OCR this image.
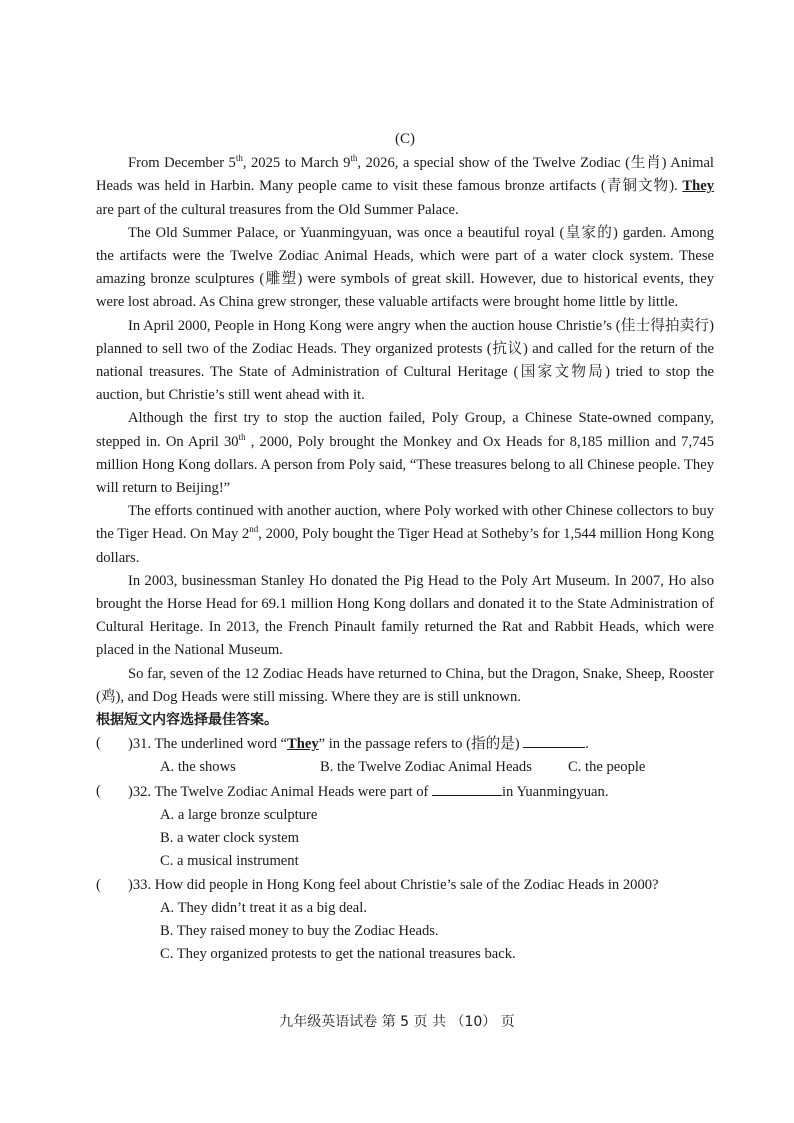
(C)

From December 5th, 2025 to March 9th, 2026, a special show of the Twelve Zodiac (生肖) Animal Heads was held in Harbin. Many people came to visit these famous bronze artifacts (青铜文物). They are part of the cultural treasures from the Old Summer Palace.

The Old Summer Palace, or Yuanmingyuan, was once a beautiful royal (皇家的) garden. Among the artifacts were the Twelve Zodiac Animal Heads, which were part of a water clock system. These amazing bronze sculptures (雕塑) were symbols of great skill. However, due to historical events, they were lost abroad. As China grew stronger, these valuable artifacts were brought home little by little.

In April 2000, People in Hong Kong were angry when the auction house Christie’s (佳士得拍卖行) planned to sell two of the Zodiac Heads. They organized protests (抗议) and called for the return of the national treasures. The State of Administration of Cultural Heritage (国家文物局) tried to stop the auction, but Christie’s still went ahead with it.

Although the first try to stop the auction failed, Poly Group, a Chinese State-owned company, stepped in. On April 30th , 2000, Poly brought the Monkey and Ox Heads for 8,185 million and 7,745 million Hong Kong dollars. A person from Poly said, “These treasures belong to all Chinese people. They will return to Beijing!”

The efforts continued with another auction, where Poly worked with other Chinese collectors to buy the Tiger Head. On May 2nd, 2000, Poly bought the Tiger Head at Sotheby’s for 1,544 million Hong Kong dollars.

In 2003, businessman Stanley Ho donated the Pig Head to the Poly Art Museum. In 2007, Ho also brought the Horse Head for 69.1 million Hong Kong dollars and donated it to the State Administration of Cultural Heritage. In 2013, the French Pinault family returned the Rat and Rabbit Heads, which were placed in the National Museum.

So far, seven of the 12 Zodiac Heads have returned to China, but the Dragon, Snake, Sheep, Rooster (鸡), and Dog Heads were still missing. Where they are is still unknown.

根据短文内容选择最佳答案。

( )31. The underlined word “They” in the passage refers to (指的是)	.

A. the shows	B. the Twelve Zodiac Animal Heads C. the people

( )32. The Twelve Zodiac Animal Heads were part of	in Yuanmingyuan.

A. a large bronze sculpture

B. a water clock system

C. a musical instrument

( )33. How did people in Hong Kong feel about Christie’s sale of the Zodiac Heads in 2000?

A. They didn’t treat it as a big deal.

B. They raised money to buy the Zodiac Heads.

C. They organized protests to get the national treasures back.

九年级英语试卷 第 5 页 共 （10） 页
